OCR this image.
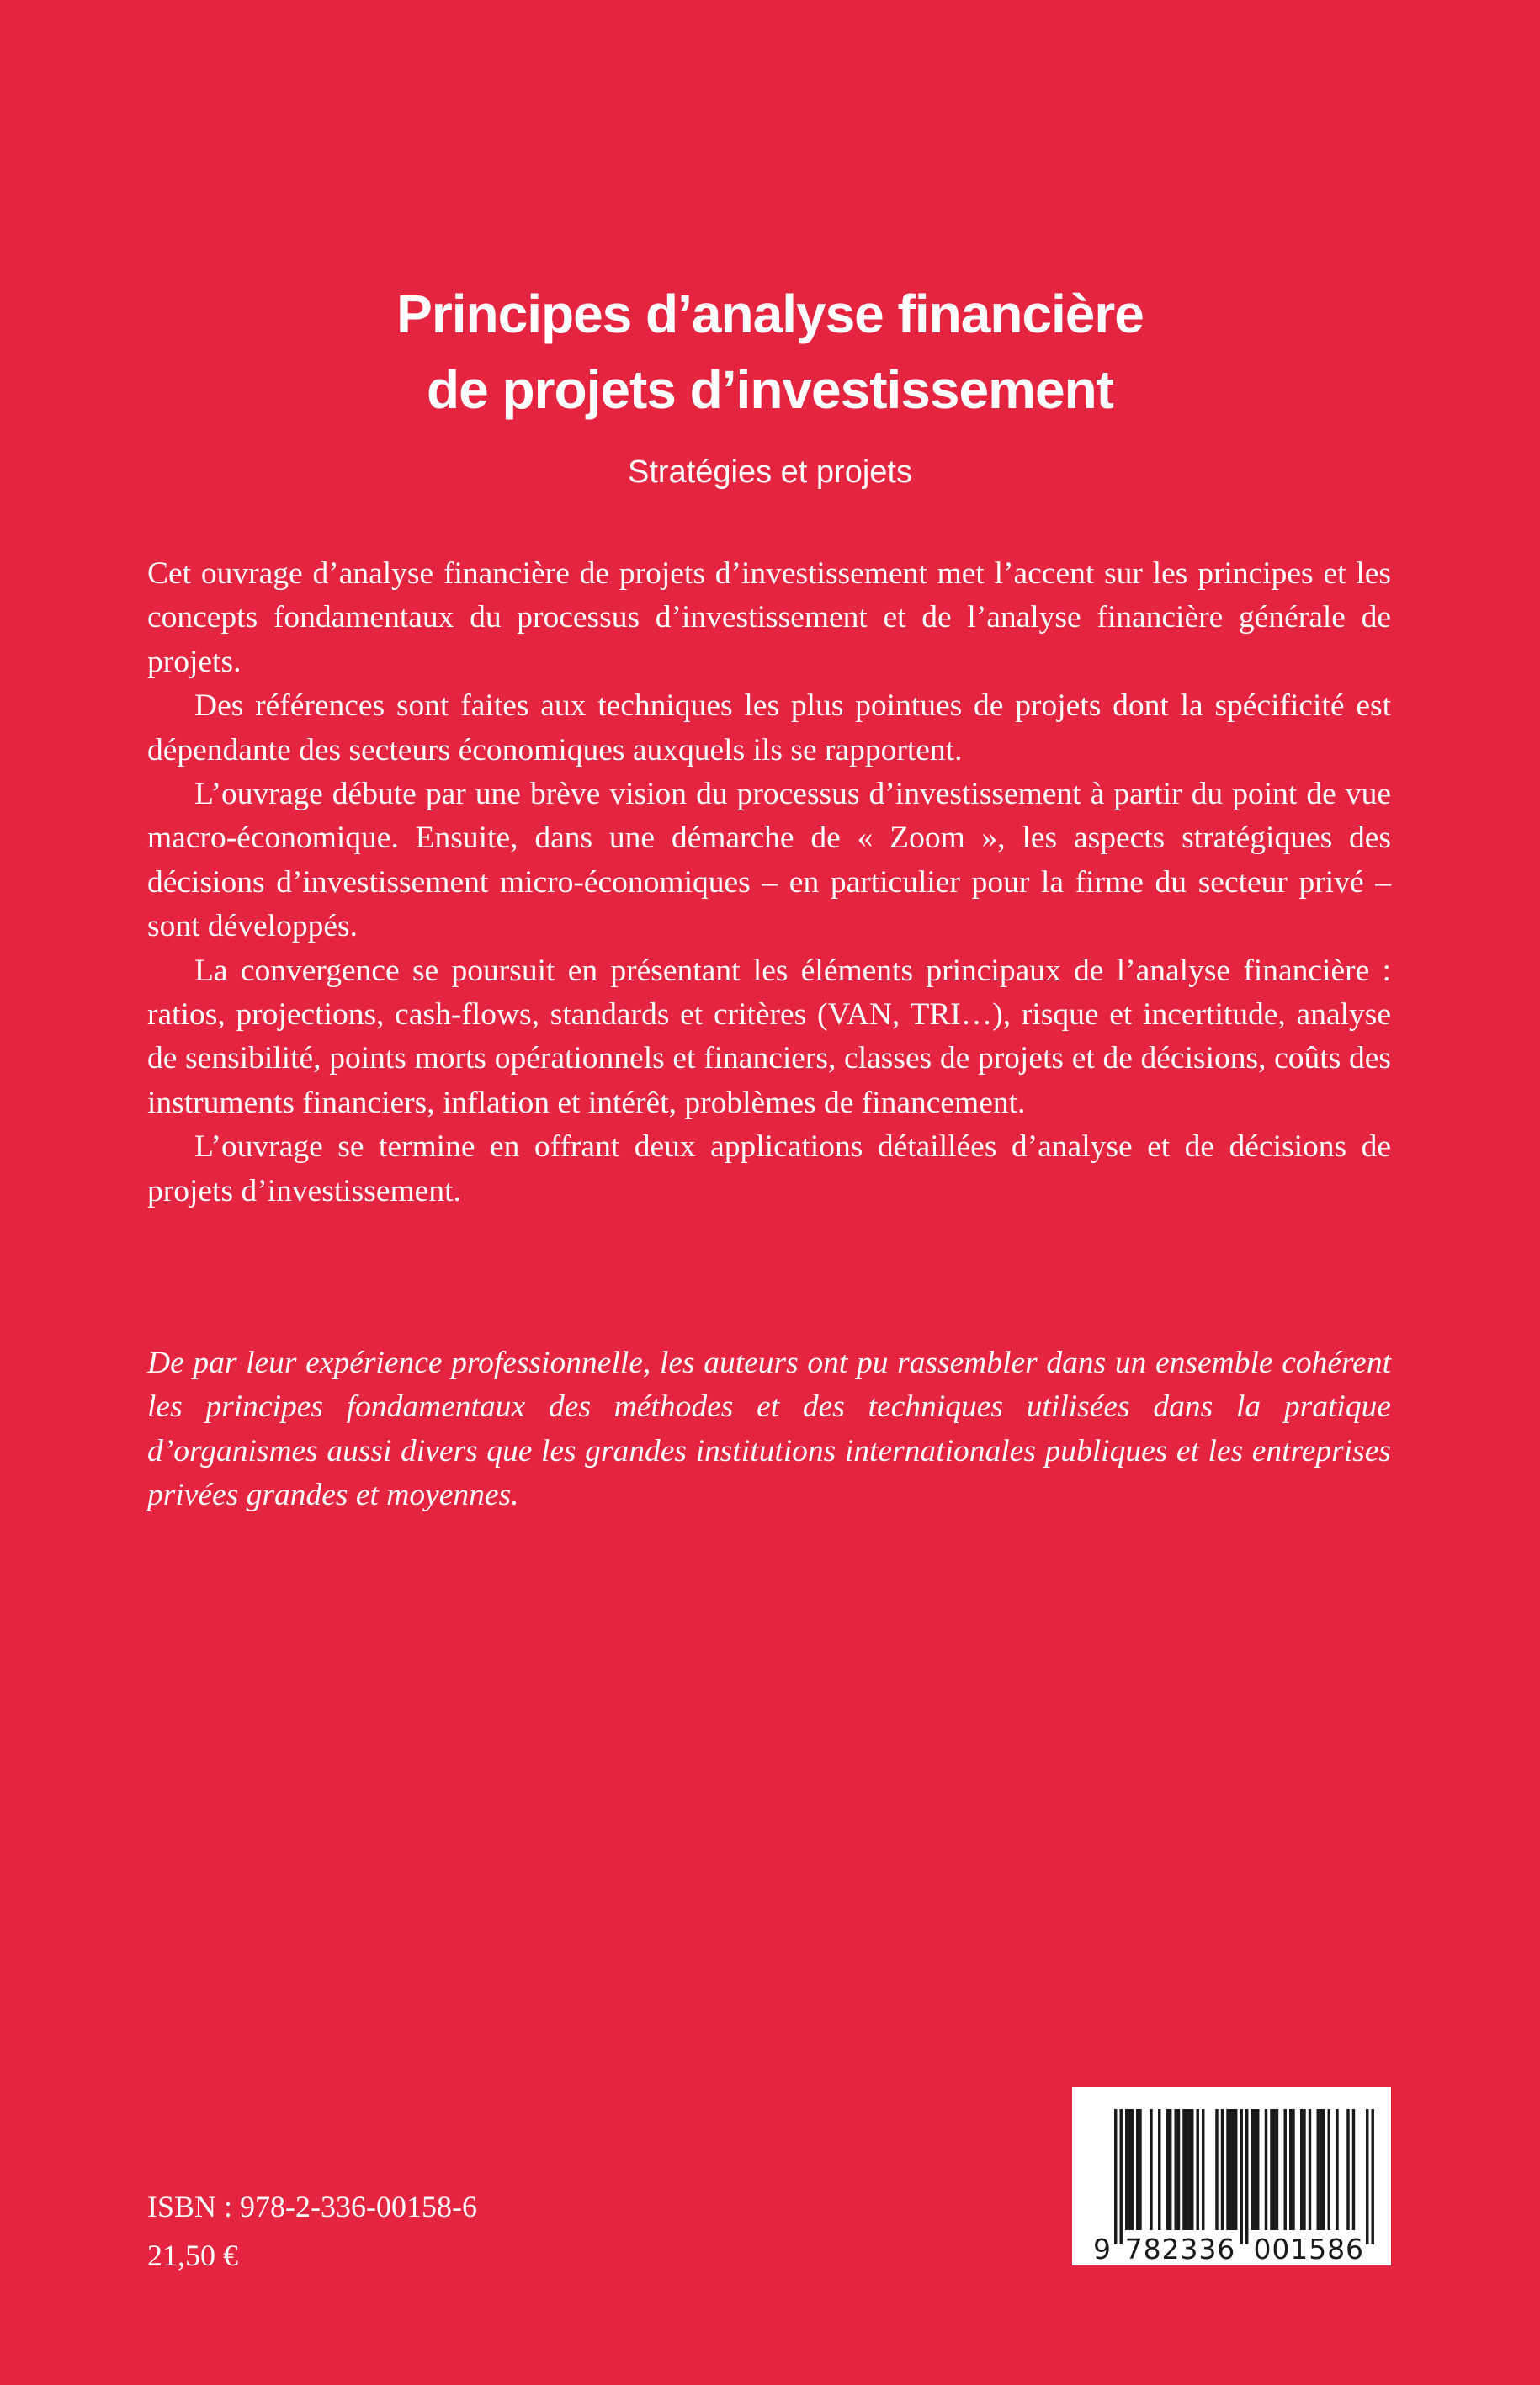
Principes d’analyse financière
de projets d’investissement
Stratégies et projets

Cet ouvrage d’analyse financière de projets d’investissement met l’accent sur les principes et les concepts fondamentaux du processus d’investissement et de l’analyse financière générale de projets.

Des références sont faites aux techniques les plus pointues de projets dont la spécificité est dépendante des secteurs économiques auxquels ils se rapportent.

L’ouvrage débute par une brève vision du processus d’investissement à partir du point de vue macro-économique. Ensuite, dans une démarche de « Zoom », les aspects stratégiques des décisions d’investissement micro-économiques – en particulier pour la firme du secteur privé – sont développés.

La convergence se poursuit en présentant les éléments principaux de l’analyse financière : ratios, projections, cash-flows, standards et critères (VAN, TRI…), risque et incertitude, analyse de sensibilité, points morts opérationnels et financiers, classes de projets et de décisions, coûts des instruments financiers, inflation et intérêt, problèmes de financement.

L’ouvrage se termine en offrant deux applications détaillées d’analyse et de décisions de projets d’investissement.

De par leur expérience professionnelle, les auteurs ont pu rassembler dans un ensemble cohérent les principes fondamentaux des méthodes et des techniques utilisées dans la pratique d’organismes aussi divers que les grandes institutions internationales publiques et les entreprises privées grandes et moyennes.

ISBN : 978-2-336-00158-6
21,50 €	9 782336 001586
